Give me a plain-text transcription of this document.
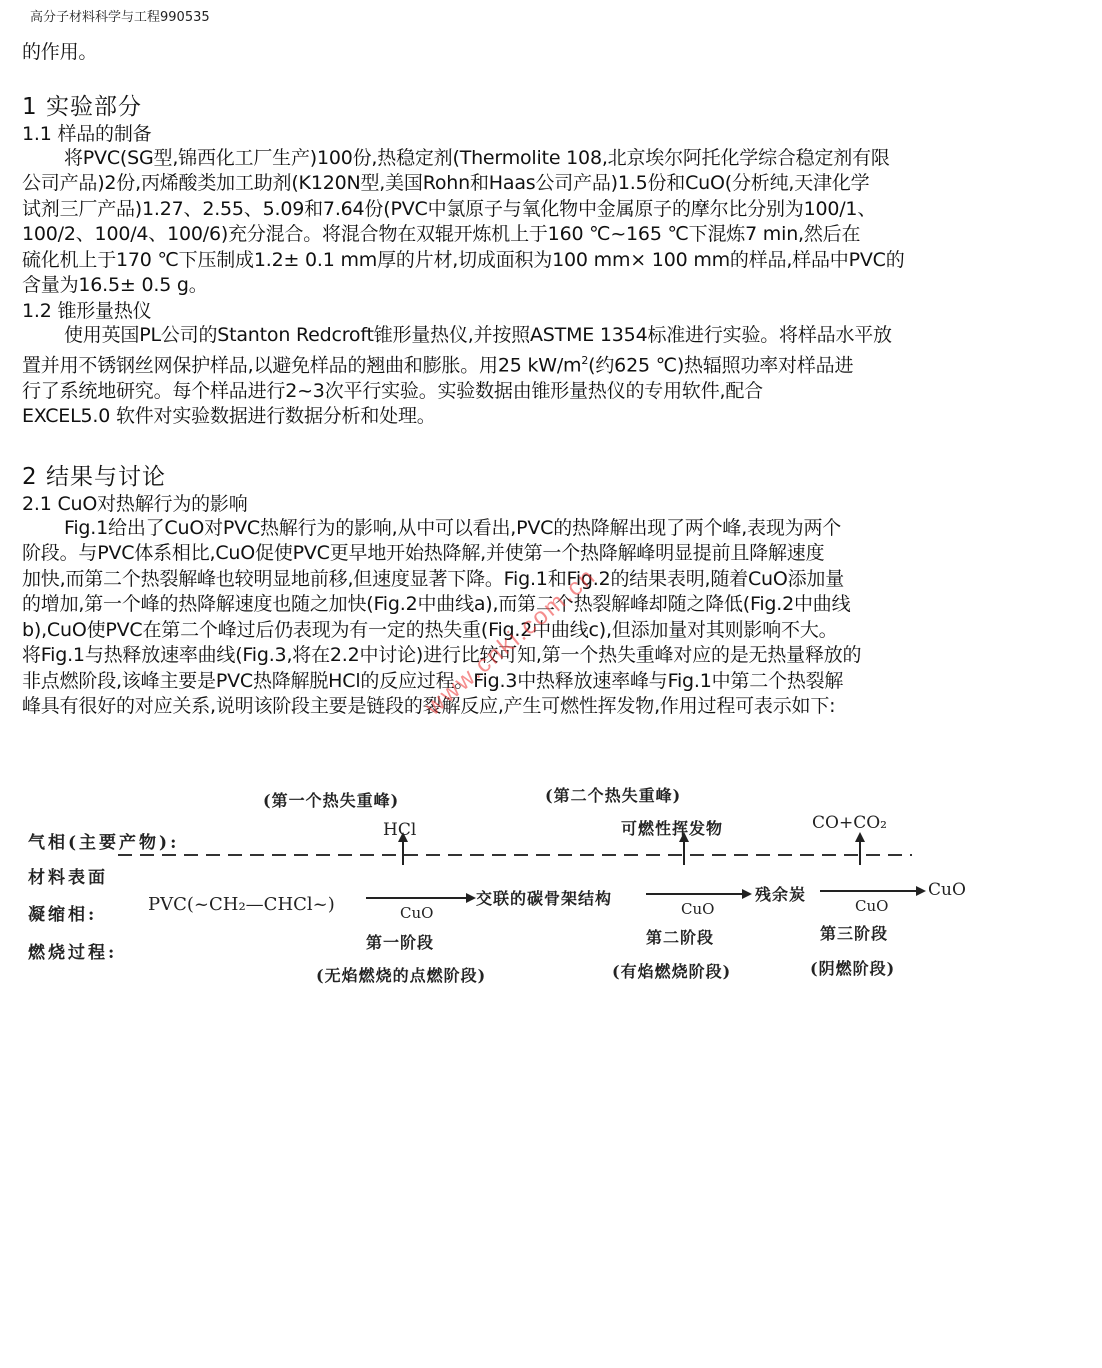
高分子材料科学与工程990535
的作用。
1 实验部分
1.1 样品的制备
将PVC(SG型,锦西化工厂生产)100份,热稳定剂(Thermolite 108,北京埃尔阿托化学综合稳定剂有限
公司产品)2份,丙烯酸类加工助剂(K120N型,美国Rohn和Haas公司产品)1.5份和CuO(分析纯,天津化学
试剂三厂产品)1.27、2.55、5.09和7.64份(PVC中氯原子与氧化物中金属原子的摩尔比分别为100/1、
100/2、100/4、100/6)充分混合。将混合物在双辊开炼机上于160 ℃~165 ℃下混炼7 min,然后在
硫化机上于170 ℃下压制成1.2± 0.1 mm厚的片材,切成面积为100 mm× 100 mm的样品,样品中PVC的
含量为16.5± 0.5 g。
1.2 锥形量热仪
使用英国PL公司的Stanton Redcroft锥形量热仪,并按照ASTME 1354标准进行实验。将样品水平放
置并用不锈钢丝网保护样品,以避免样品的翘曲和膨胀。用25 $kW/m^2$(约625 ℃)热辐照功率对样品进
行了系统地研究。每个样品进行2~3次平行实验。实验数据由锥形量热仪的专用软件,配合
EXCEL5.0 软件对实验数据进行数据分析和处理。
2 结果与讨论
2.1 CuO对热解行为的影响
Fig.1给出了CuO对PVC热解行为的影响,从中可以看出,PVC的热降解出现了两个峰,表现为两个
阶段。与PVC体系相比,CuO促使PVC更早地开始热降解,并使第一个热降解峰明显提前且降解速度
加快,而第二个热裂解峰也较明显地前移,但速度显著下降。Fig.1和Fig.2的结果表明,随着CuO添加量
的增加,第一个峰的热降解速度也随之加快(Fig.2中曲线a),而第二个热裂解峰却随之降低(Fig.2中曲线
b),CuO使PVC在第二个峰过后仍表现为有一定的热失重(Fig.2中曲线c),但添加量对其则影响不大。
将Fig.1与热释放速率曲线(Fig.3,将在2.2中讨论)进行比较可知,第一个热失重峰对应的是无热量释放的
非点燃阶段,该峰主要是PVC热降解脱HCl的反应过程。Fig.3中热释放速率峰与Fig.1中第二个热裂解
峰具有很好的对应关系,说明该阶段主要是链段的裂解反应,产生可燃性挥发物,作用过程可表示如下:
(第一个热失重峰)	(第二个热失重峰)
气相(主要产物):
HCl	可燃性挥发物	CO+CO₂
材料表面
凝缩相:	PVC(~CH₂—CHCl~)	CuO
交联的碳骨架结构
CuO
残余炭
CuO
CuO
燃烧过程:
第一阶段	第二阶段	第三阶段
(无焰燃烧的点燃阶段)	(有焰燃烧阶段)	(阴燃阶段)
www.cnki.com.cn
